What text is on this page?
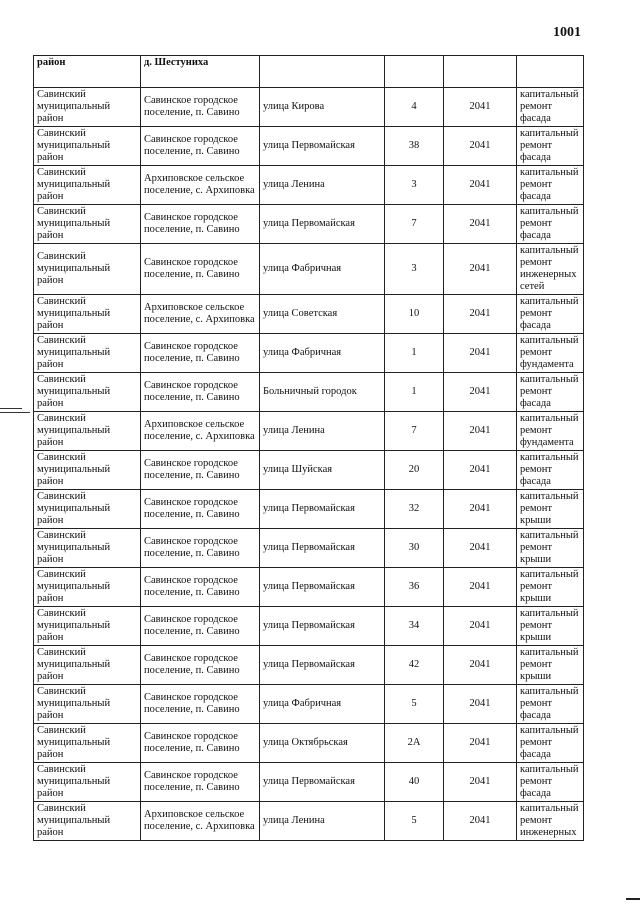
1001
район	д. Шестуниха				
Савинский муниципальный район	Савинское городское поселение, п. Савино	улица Кирова	4	2041	капитальный ремонт фасада
Савинский муниципальный район	Савинское городское поселение, п. Савино	улица Первомайская	38	2041	капитальный ремонт фасада
Савинский муниципальный район	Архиповское сельское поселение, с. Архиповка	улица Ленина	3	2041	капитальный ремонт фасада
Савинский муниципальный район	Савинское городское поселение, п. Савино	улица Первомайская	7	2041	капитальный ремонт фасада
Савинский муниципальный район	Савинское городское поселение, п. Савино	улица Фабричная	3	2041	капитальный ремонт инженерных сетей
Савинский муниципальный район	Архиповское сельское поселение, с. Архиповка	улица Советская	10	2041	капитальный ремонт фасада
Савинский муниципальный район	Савинское городское поселение, п. Савино	улица Фабричная	1	2041	капитальный ремонт фундамента
Савинский муниципальный район	Савинское городское поселение, п. Савино	Больничный городок	1	2041	капитальный ремонт фасада
Савинский муниципальный район	Архиповское сельское поселение, с. Архиповка	улица Ленина	7	2041	капитальный ремонт фундамента
Савинский муниципальный район	Савинское городское поселение, п. Савино	улица Шуйская	20	2041	капитальный ремонт фасада
Савинский муниципальный район	Савинское городское поселение, п. Савино	улица Первомайская	32	2041	капитальный ремонт крыши
Савинский муниципальный район	Савинское городское поселение, п. Савино	улица Первомайская	30	2041	капитальный ремонт крыши
Савинский муниципальный район	Савинское городское поселение, п. Савино	улица Первомайская	36	2041	капитальный ремонт крыши
Савинский муниципальный район	Савинское городское поселение, п. Савино	улица Первомайская	34	2041	капитальный ремонт крыши
Савинский муниципальный район	Савинское городское поселение, п. Савино	улица Первомайская	42	2041	капитальный ремонт крыши
Савинский муниципальный район	Савинское городское поселение, п. Савино	улица Фабричная	5	2041	капитальный ремонт фасада
Савинский муниципальный район	Савинское городское поселение, п. Савино	улица Октябрьская	2А	2041	капитальный ремонт фасада
Савинский муниципальный район	Савинское городское поселение, п. Савино	улица Первомайская	40	2041	капитальный ремонт фасада
Савинский муниципальный район	Архиповское сельское поселение, с. Архиповка	улица Ленина	5	2041	капитальный ремонт инженерных
